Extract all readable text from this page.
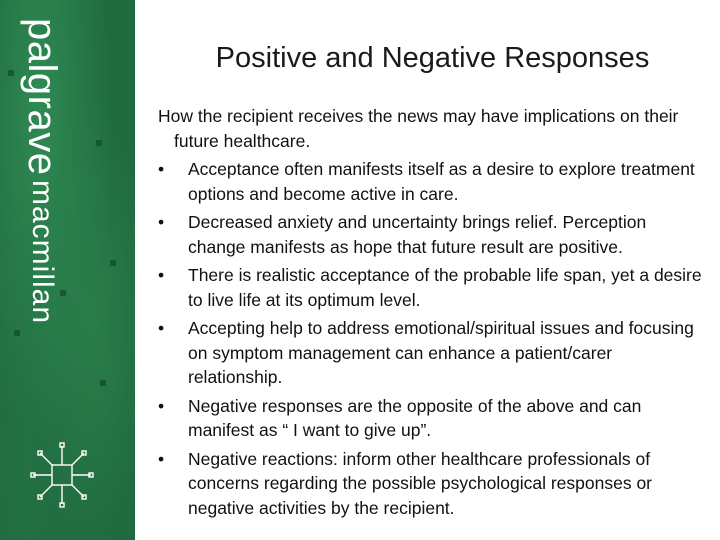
palgrave macmillan
Positive and Negative Responses
How the recipient receives the news may have implications on their future healthcare.
• Acceptance often manifests itself as a desire to explore treatment options and become active in care.
• Decreased anxiety and uncertainty brings relief. Perception change manifests as hope that future result are positive.
• There is realistic acceptance of the probable life span, yet a desire to live life at its optimum level.
• Accepting help to address emotional/spiritual issues and focusing on symptom management can enhance a patient/carer relationship.
• Negative responses are the opposite of the above and can manifest as “ I want to give up”.
• Negative reactions: inform other healthcare professionals of concerns regarding the possible psychological responses or negative activities by the recipient.
